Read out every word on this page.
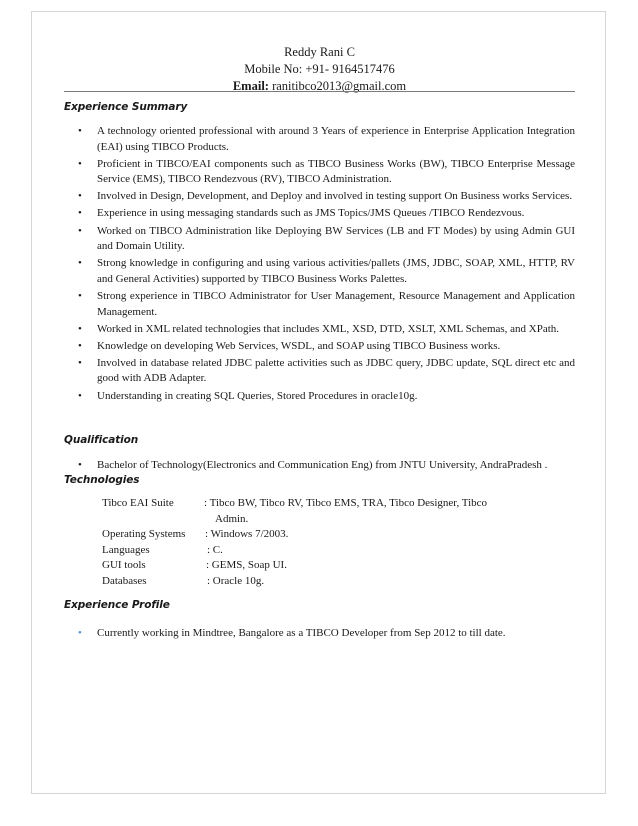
Reddy Rani C
Mobile No: +91- 9164517476
Email: ranitibco2013@gmail.com
Experience Summary
• A technology oriented professional with around 3 Years of experience in Enterprise Application Integration (EAI) using TIBCO Products.
• Proficient in TIBCO/EAI components such as TIBCO Business Works (BW), TIBCO Enterprise Message Service (EMS), TIBCO Rendezvous (RV), TIBCO Administration.
• Involved in Design, Development, and Deploy and involved in testing support On Business works Services.
• Experience in using messaging standards such as JMS Topics/JMS Queues /TIBCO Rendezvous.
• Worked on TIBCO Administration like Deploying BW Services (LB and FT Modes) by using Admin GUI and Domain Utility.
• Strong knowledge in configuring and using various activities/pallets (JMS, JDBC, SOAP, XML, HTTP, RV and General Activities) supported by TIBCO Business Works Palettes.
• Strong experience in TIBCO Administrator for User Management, Resource Management and Application Management.
• Worked in XML related technologies that includes XML, XSD, DTD, XSLT, XML Schemas, and XPath.
• Knowledge on developing Web Services, WSDL, and SOAP using TIBCO Business works.
• Involved in database related JDBC palette activities such as JDBC query, JDBC update, SQL direct etc and good with ADB Adapter.
• Understanding in creating SQL Queries, Stored Procedures in oracle10g.
Qualification
• Bachelor of Technology(Electronics and Communication Eng) from JNTU University, AndraPradesh .
Technologies
Tibco EAI Suite	: Tibco BW, Tibco RV, Tibco EMS, TRA, Tibco Designer, Tibco
Admin.
Operating Systems : Windows 7/2003.
Languages	: C.
GUI tools	: GEMS, Soap UI.
Databases	: Oracle 10g.
Experience Profile
• Currently working in Mindtree, Bangalore as a TIBCO Developer from Sep 2012 to till date.
